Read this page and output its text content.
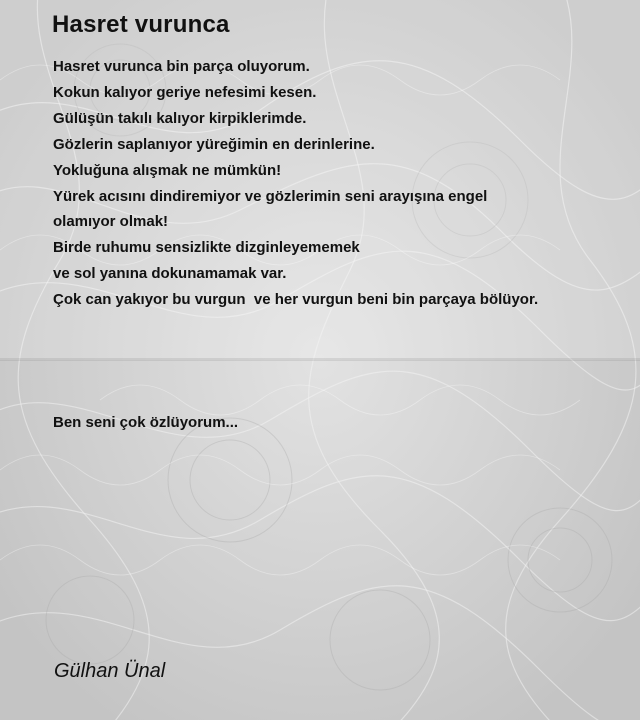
Hasret vurunca
Hasret vurunca bin parça oluyorum.
Kokun kalıyor geriye nefesimi kesen.
Gülüşün takılı kalıyor kirpiklerimde.
Gözlerin saplanıyor yüreğimin en derinlerine.
Yokluğuna alışmak ne mümkün!
Yürek acısını dindiremiyor ve gözlerimin seni arayışına engel
olamıyor olmak!
Birde ruhumu sensizlikte dizginleyememek
ve sol yanına dokunamamak var.
Çok can yakıyor bu vurgun  ve her vurgun beni bin parçaya bölüyor.

Ben seni çok özlüyorum...

Gülhan Ünal
